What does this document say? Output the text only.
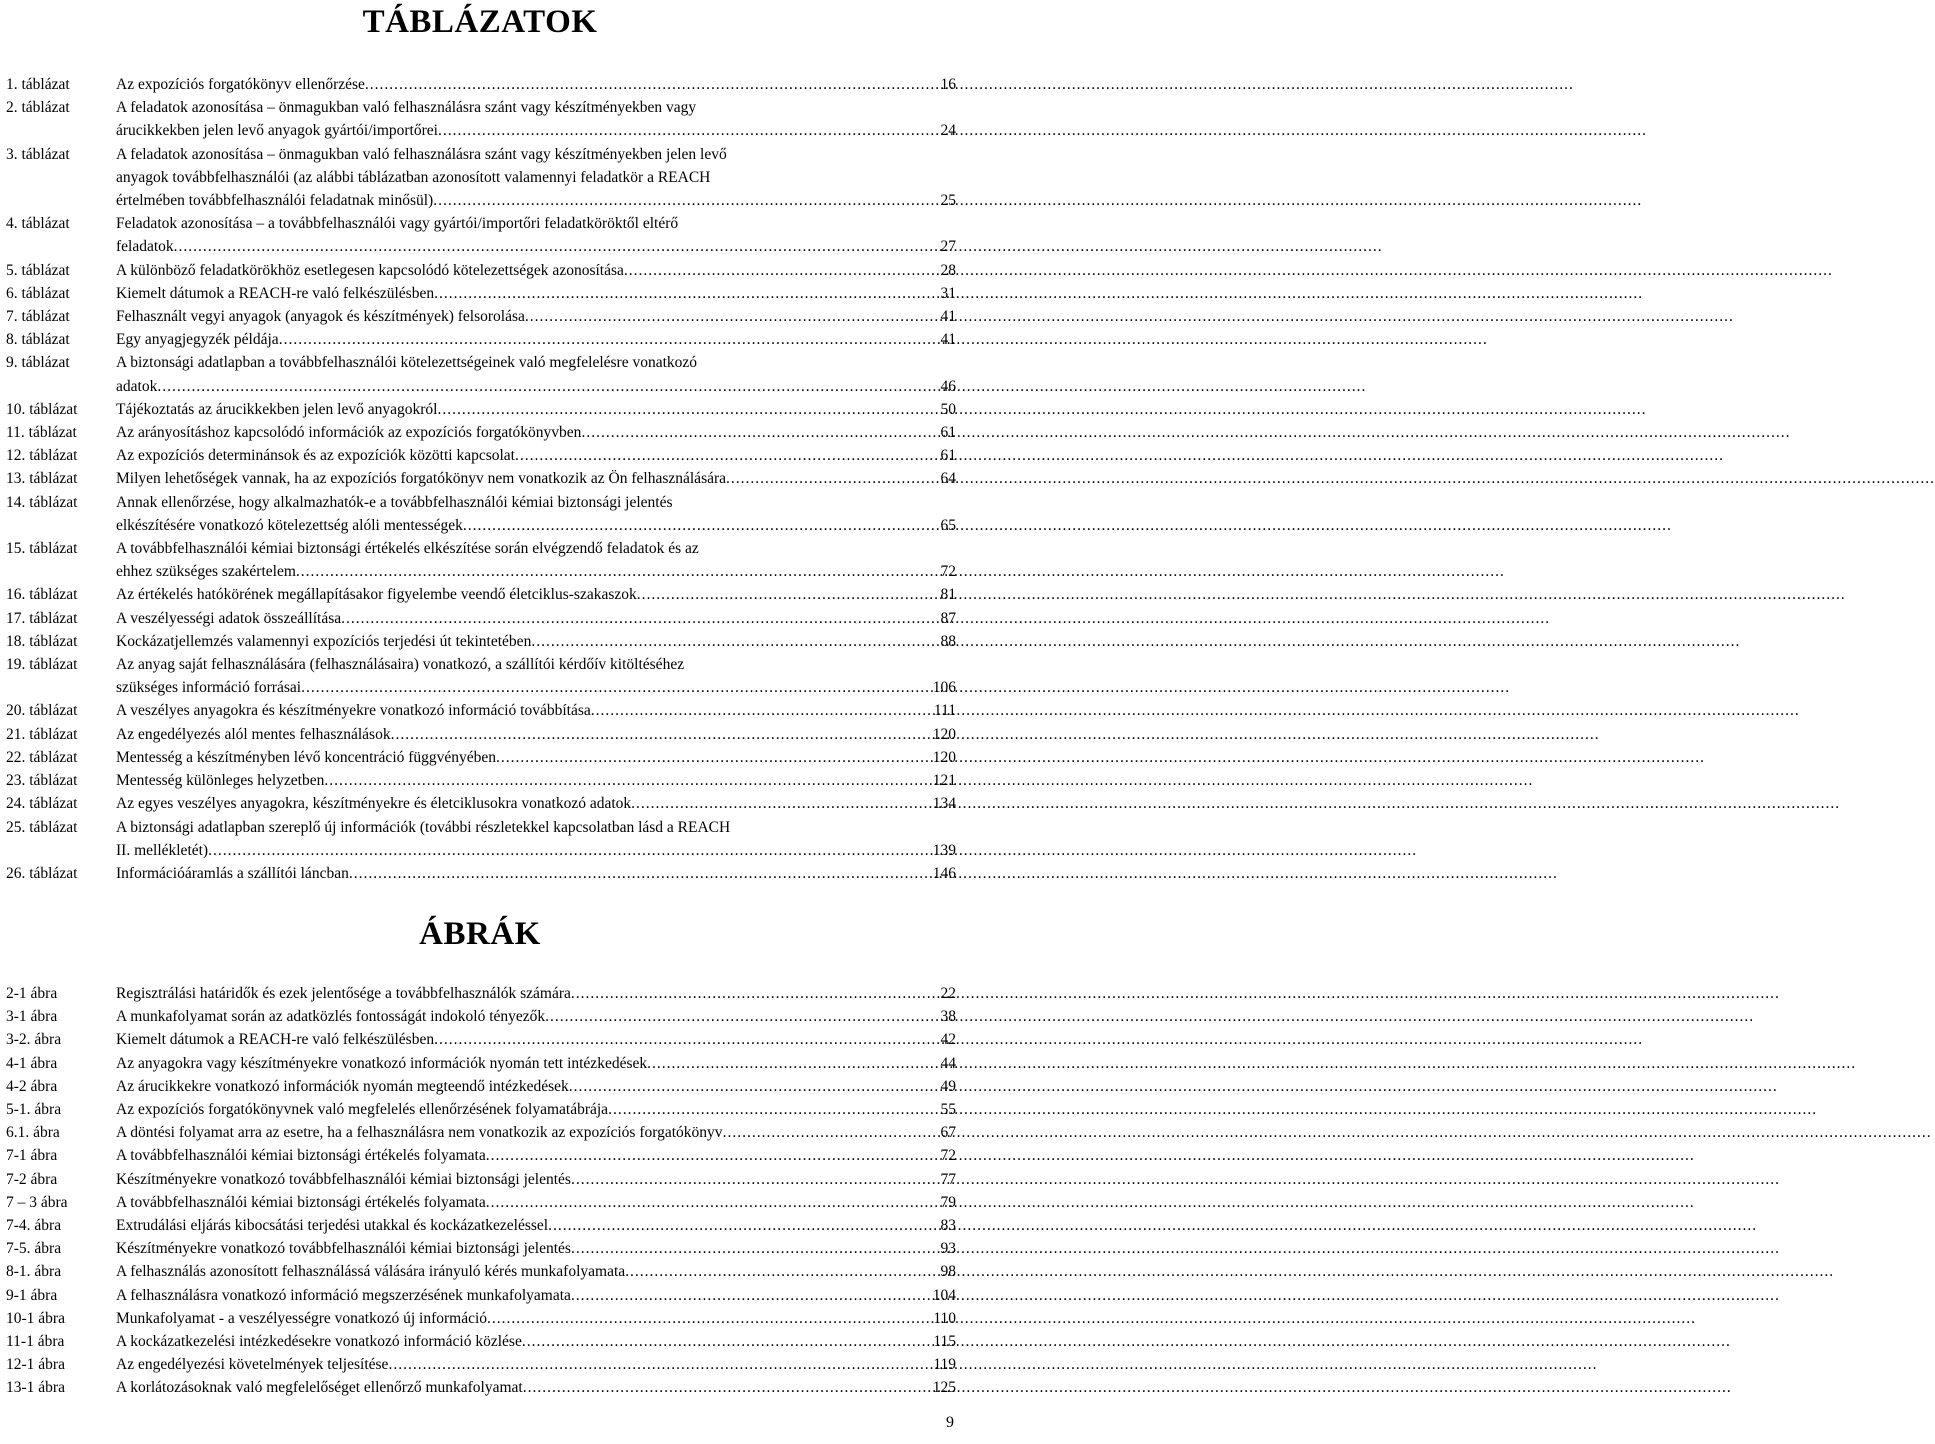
TÁBLÁZATOK
1. táblázat	Az expozíciós forgatókönyv ellenőrzése .....	16
2. táblázat	A feladatok azonosítása – önmagukban való felhasználásra szánt vagy készítményekben vagy
árucikkekben jelen levő anyagok gyártói/importőrei .....	24
3. táblázat	A feladatok azonosítása – önmagukban való felhasználásra szánt vagy készítményekben jelen levő
anyagok továbbfelhasználói (az alábbi táblázatban azonosított valamennyi feladatkör a REACH
értelmében továbbfelhasználói feladatnak minősül) .....	25
4. táblázat	Feladatok azonosítása – a továbbfelhasználói vagy gyártói/importőri feladatköröktől eltérő
feladatok .....	27
5. táblázat	A különböző feladatkörökhöz esetlegesen kapcsolódó kötelezettségek azonosítása .....	28
6. táblázat	Kiemelt dátumok a REACH-re való felkészülésben .....	31
7. táblázat	Felhasznált vegyi anyagok (anyagok és készítmények) felsorolása .....	41
8. táblázat	Egy anyagjegyzék példája .....	41
9. táblázat	A biztonsági adatlapban a továbbfelhasználói kötelezettségeinek való megfelelésre vonatkozó
adatok .....	46
10. táblázat	Tájékoztatás az árucikkekben jelen levő anyagokról .....	50
11. táblázat	Az arányosításhoz kapcsolódó információk az expozíciós forgatókönyvben .....	61
12. táblázat	Az expozíciós determinánsok és az expozíciók közötti kapcsolat .....	61
13. táblázat	Milyen lehetőségek vannak, ha az expozíciós forgatókönyv nem vonatkozik az Ön felhasználására .....	64
14. táblázat	Annak ellenőrzése, hogy alkalmazhatók-e a továbbfelhasználói kémiai biztonsági jelentés
elkészítésére vonatkozó kötelezettség alóli mentességek .....	65
15. táblázat	A továbbfelhasználói kémiai biztonsági értékelés elkészítése során elvégzendő feladatok és az
ehhez szükséges szakértelem .....	72
16. táblázat	Az értékelés hatókörének megállapításakor figyelembe veendő életciklus-szakaszok .....	81
17. táblázat	A veszélyességi adatok összeállítása .....	87
18. táblázat	Kockázatjellemzés valamennyi expozíciós terjedési út tekintetében .....	88
19. táblázat	Az anyag saját felhasználására (felhasználásaira) vonatkozó, a szállítói kérdőív kitöltéséhez
szükséges információ forrásai .....	106
20. táblázat	A veszélyes anyagokra és készítményekre vonatkozó információ továbbítása .....	111
21. táblázat	Az engedélyezés alól mentes felhasználások .....	120
22. táblázat	Mentesség a készítményben lévő koncentráció függvényében .....	120
23. táblázat	Mentesség különleges helyzetben .....	121
24. táblázat	Az egyes veszélyes anyagokra, készítményekre és életciklusokra vonatkozó adatok .....	134
25. táblázat	A biztonsági adatlapban szereplő új információk (további részletekkel kapcsolatban lásd a REACH
II. mellékletét) .....	139
26. táblázat	Információáramlás a szállítói láncban .....	146
ÁBRÁK
2-1 ábra	Regisztrálási határidők és ezek jelentősége a továbbfelhasználók számára .....	22
3-1 ábra	A munkafolyamat során az adatközlés fontosságát indokoló tényezők .....	38
3-2. ábra	Kiemelt dátumok a REACH-re való felkészülésben .....	42
4-1 ábra	Az anyagokra vagy készítményekre vonatkozó információk nyomán tett intézkedések .....	44
4-2 ábra	Az árucikkekre vonatkozó információk nyomán megteendő intézkedések .....	49
5-1. ábra	Az expozíciós forgatókönyvnek való megfelelés ellenőrzésének folyamatábrája .....	55
6.1. ábra	A döntési folyamat arra az esetre, ha a felhasználásra nem vonatkozik az expozíciós forgatókönyv .....	67
7-1 ábra	A továbbfelhasználói kémiai biztonsági értékelés folyamata .....	72
7-2 ábra	Készítményekre vonatkozó továbbfelhasználói kémiai biztonsági jelentés .....	77
7 – 3 ábra	A továbbfelhasználói kémiai biztonsági értékelés folyamata .....	79
7-4. ábra	Extrudálási eljárás kibocsátási terjedési utakkal és kockázatkezeléssel .....	83
7-5. ábra	Készítményekre vonatkozó továbbfelhasználói kémiai biztonsági jelentés .....	93
8-1. ábra	A felhasználás azonosított felhasználássá válására irányuló kérés munkafolyamata .....	98
9-1 ábra	A felhasználásra vonatkozó információ megszerzésének munkafolyamata .....	104
10-1 ábra	Munkafolyamat - a veszélyességre vonatkozó új információ .....	110
11-1 ábra	A kockázatkezelési intézkedésekre vonatkozó információ közlése .....	115
12-1 ábra	Az engedélyezési követelmények teljesítése .....	119
13-1 ábra	A korlátozásoknak való megfelelőséget ellenőrző munkafolyamat .....	125
9
